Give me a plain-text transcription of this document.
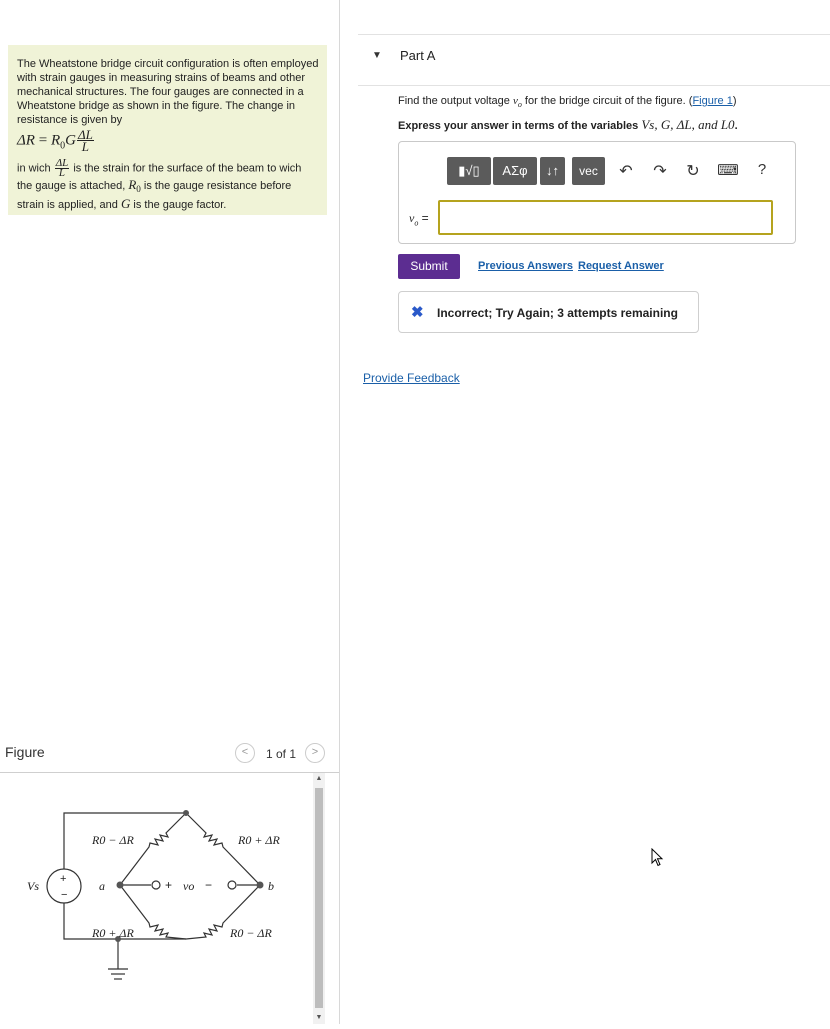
The Wheatstone bridge circuit configuration is often employed with strain gauges in measuring strains of beams and other mechanical structures. The four gauges are connected in a Wheatstone bridge as shown in the figure. The change in resistance is given by

$\Delta R = R_0G \frac{\Delta L}{L}$

in wich $\frac{\Delta L}{L}$ is the strain for the surface of the beam to wich the gauge is attached, $R_0$ is the gauge resistance before strain is applied, and G is the gauge factor.

Figure	<	1 of 1	>
R0 − ΔR	R0 + ΔR
R0 + ΔR	R0 − ΔR
Vs	a	b
vo
+	−
+
−
▲
▼
▼ Part A
Find the output voltage $v_o$ for the bridge circuit of the figure. (Figure 1)
Express your answer in terms of the variables Vs, G, ΔL, and L0.
▮√▯	ΑΣφ	↓↑	vec	↶ ↷ ↻ ⌨	?
$v_o$ =
Submit	Previous Answers Request Answer
✖ Incorrect; Try Again; 3 attempts remaining
Provide Feedback
